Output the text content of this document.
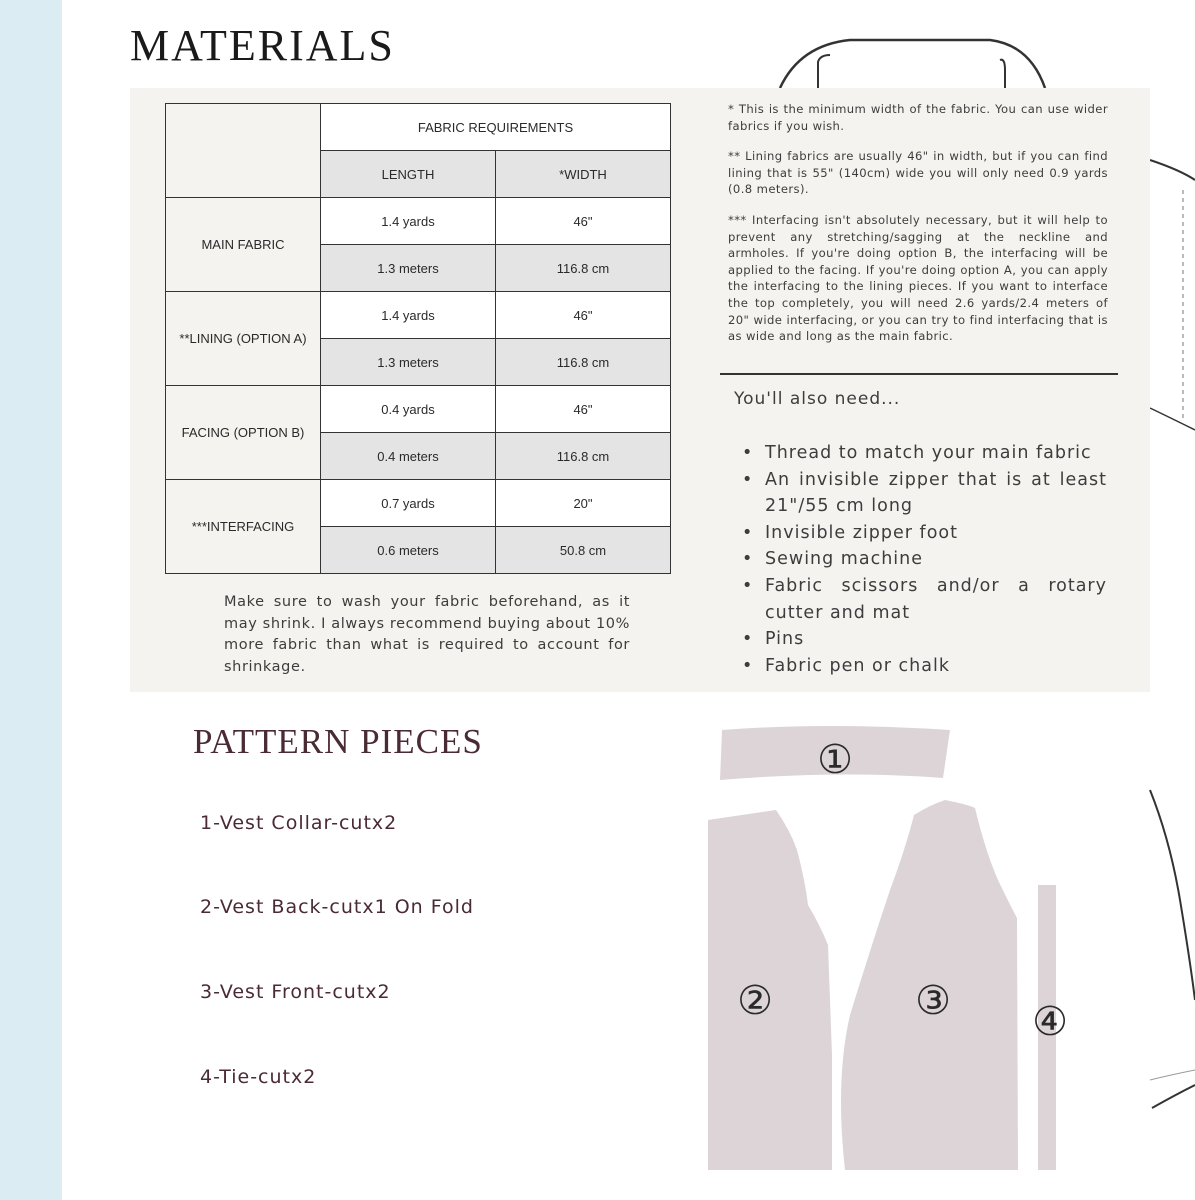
MATERIALS
	FABRIC REQUIREMENTS	
	LENGTH	*WIDTH
MAIN FABRIC	1.4 yards	46"
	1.3 meters	116.8 cm
**LINING (OPTION A)	1.4 yards	46"
	1.3 meters	116.8 cm
FACING (OPTION B)	0.4 yards	46"
	0.4 meters	116.8 cm
***INTERFACING	0.7 yards	20"
	0.6 meters	50.8 cm
Make sure to wash your fabric beforehand, as it may shrink. I always recommend buying about 10% more fabric than what is required to account for shrinkage.

* This is the minimum width of the fabric. You can use wider fabrics if you wish.

** Lining fabrics are usually 46" in width, but if you can find lining that is 55" (140cm) wide you will only need 0.9 yards (0.8 meters).

*** Interfacing isn't absolutely necessary, but it will help to prevent any stretching/sagging at the neckline and armholes. If you're doing option B, the interfacing will be applied to the facing. If you're doing option A, you can apply the interfacing to the lining pieces. If you want to interface the top completely, you will need 2.6 yards/2.4 meters of 20" wide interfacing, or you can try to find interfacing that is as wide and long as the main fabric.

You'll also need...
• Thread to match your main fabric
• An invisible zipper that is at least 21"/55 cm long
• Invisible zipper foot
• Sewing machine
• Fabric scissors and/or a rotary cutter and mat
• Pins
• Fabric pen or chalk
PATTERN PIECES
1-Vest Collar-cutx2
2-Vest Back-cutx1 On Fold
3-Vest Front-cutx2
4-Tie-cutx2
①
②	③ ④
